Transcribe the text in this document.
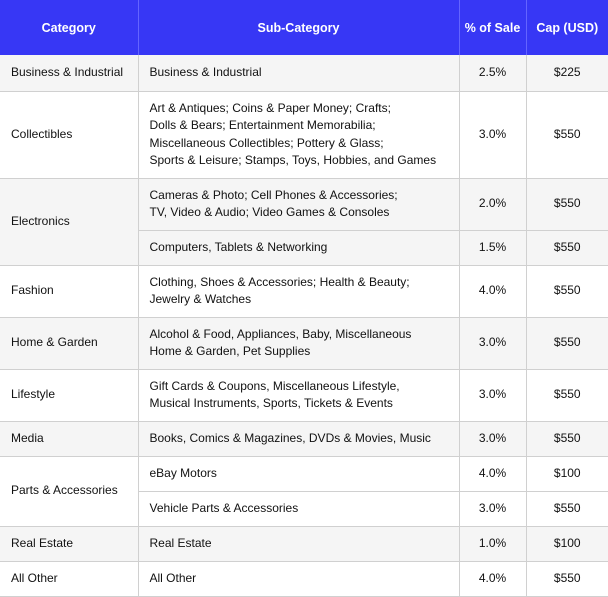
Category	Sub-Category	% of Sale	Cap (USD)
Business & Industrial	Business & Industrial	2.5%	$225
Collectibles	Art & Antiques; Coins & Paper Money; Crafts;
Dolls & Bears; Entertainment Memorabilia;
Miscellaneous Collectibles; Pottery & Glass;
Sports & Leisure; Stamps, Toys, Hobbies, and Games	3.0%	$550
Electronics	Cameras & Photo; Cell Phones & Accessories;
TV, Video & Audio; Video Games & Consoles	2.0%	$550

	Computers, Tablets & Networking	1.5%	$550
Fashion	Clothing, Shoes & Accessories; Health & Beauty;
Jewelry & Watches	4.0%	$550
Home & Garden	Alcohol & Food, Appliances, Baby, Miscellaneous
Home & Garden, Pet Supplies	3.0%	$550
Lifestyle	Gift Cards & Coupons, Miscellaneous Lifestyle,
Musical Instruments, Sports, Tickets & Events	3.0%	$550
Media	Books, Comics & Magazines, DVDs & Movies, Music	3.0%	$550
Parts & Accessories	eBay Motors	4.0%	$100

	Vehicle Parts & Accessories	3.0%	$550
Real Estate	Real Estate	1.0%	$100
All Other	All Other	4.0%	$550
